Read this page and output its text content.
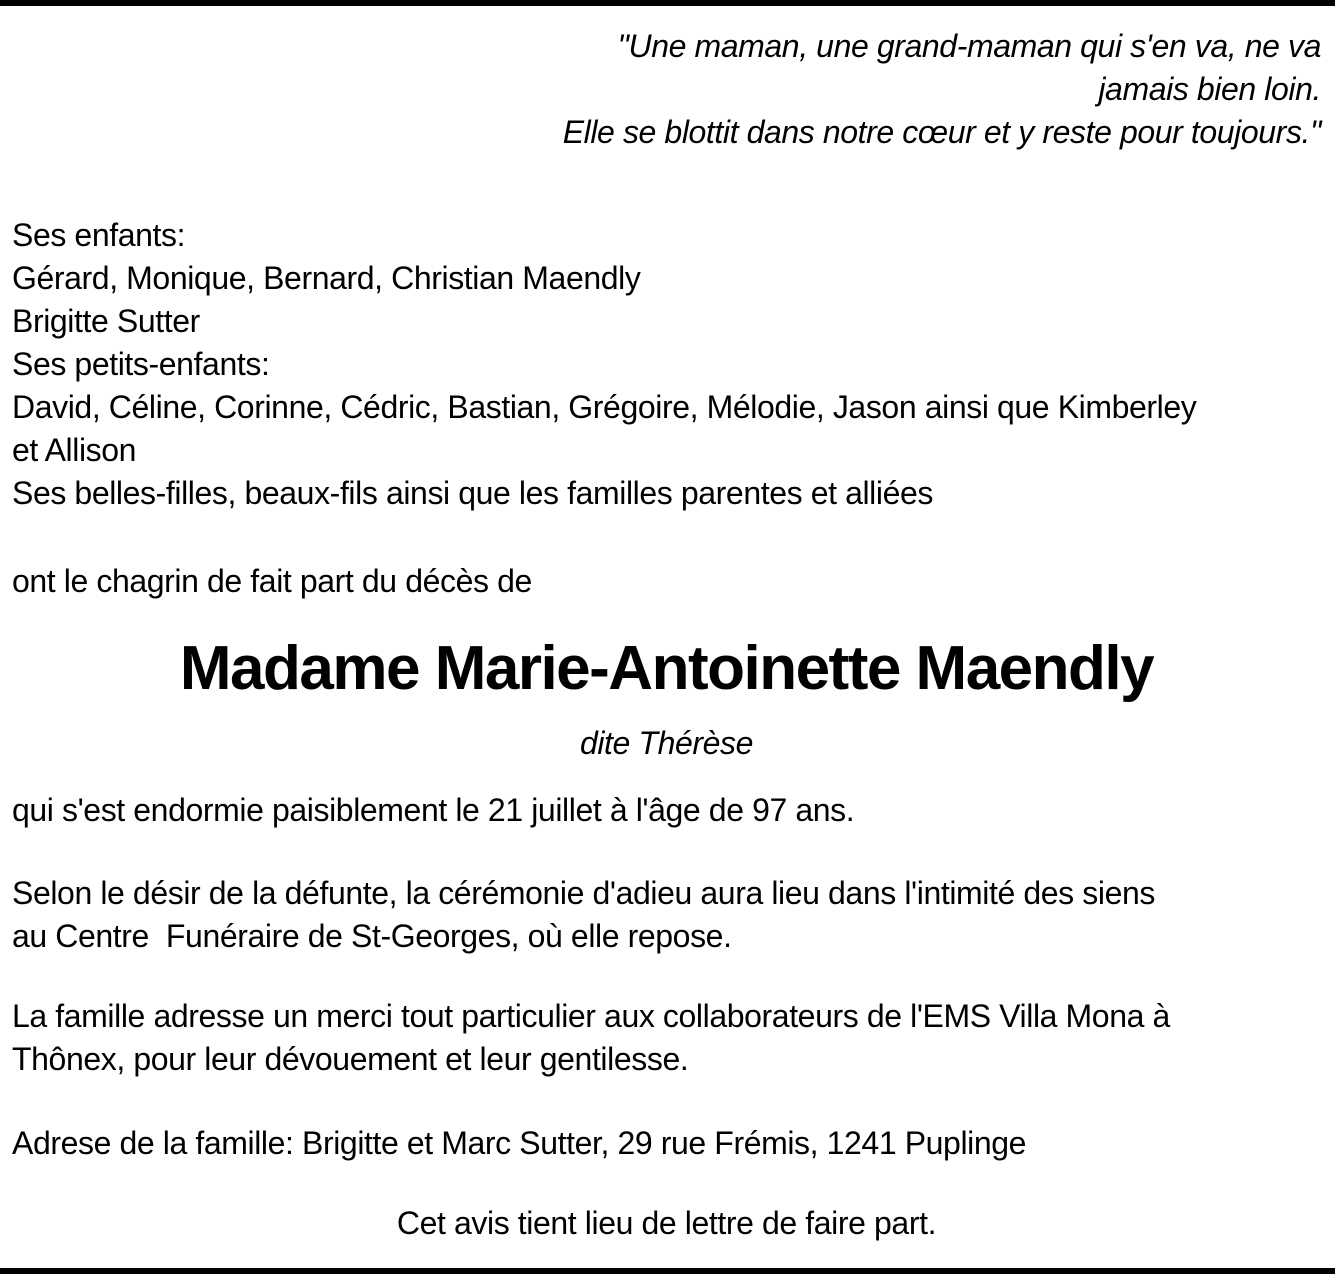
"Une maman, une grand-maman qui s'en va, ne va
jamais bien loin.
Elle se blottit dans notre cœur et y reste pour toujours."
Ses enfants:
Gérard, Monique, Bernard, Christian Maendly
Brigitte Sutter
Ses petits-enfants:
David, Céline, Corinne, Cédric, Bastian, Grégoire, Mélodie, Jason ainsi que Kimberley
et Allison
Ses belles-filles, beaux-fils ainsi que les familles parentes et alliées
ont le chagrin de fait part du décès de
Madame Marie-Antoinette Maendly
dite Thérèse
qui s'est endormie paisiblement le 21 juillet à l'âge de 97 ans.
Selon le désir de la défunte, la cérémonie d'adieu aura lieu dans l'intimité des siens
au Centre  Funéraire de St-Georges, où elle repose.
La famille adresse un merci tout particulier aux collaborateurs de l'EMS Villa Mona à
Thônex, pour leur dévouement et leur gentilesse.
Adrese de la famille: Brigitte et Marc Sutter, 29 rue Frémis, 1241 Puplinge
Cet avis tient lieu de lettre de faire part.
